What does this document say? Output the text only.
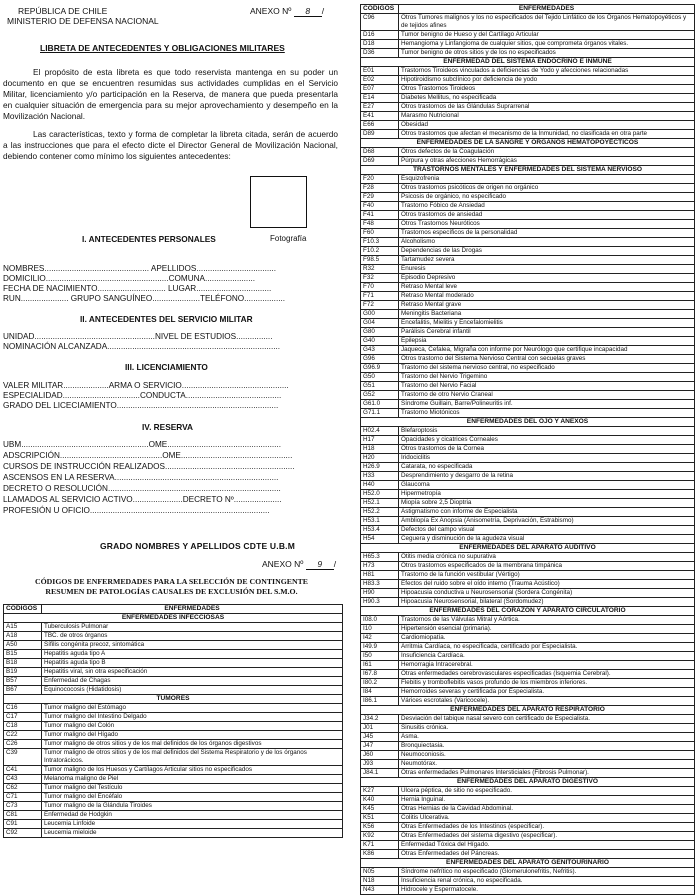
REPÚBLICA DE CHILE
MINISTERIO DE DEFENSA NACIONAL
ANEXO Nº 8 /
LIBRETA DE ANTECEDENTES Y OBLIGACIONES MILITARES
El propósito de esta libreta es que todo reservista mantenga en su poder un documento en que se encuentren resumidas sus actividades cumplidas en el Servicio Militar, licenciamiento y/o participación en la Reserva, de manera que pueda presentarla en cualquier situación de emergencia para su mejor aprovechamiento y desempeño en la Movilización Nacional.
Las características, texto y forma de completar la libreta citada, serán de acuerdo a las instrucciones que para el efecto dicte el Director General de Movilización Nacional, debiendo contener como mínimo los siguientes antecedentes:
Fotografía
I. ANTECEDENTES PERSONALES
NOMBRES.............................................. APELLIDOS...................................
DOMICILIO......................................................COMUNA......................
FECHA DE NACIMIENTO.............................. LUGAR.................................
RUN..................... GRUPO SANGUÍNEO.....................TELÉFONO..................
II. ANTECEDENTES DEL SERVICIO MILITAR
UNIDAD.....................................................NIVEL DE ESTUDIOS................
NOMINACIÓN ALCANZADA............................................................................
III. LICENCIAMIENTO
VALER MILITAR....................ARMA O SERVICIO...............................................
ESPECIALIDAD..................................CONDUCTA..........................................
GRADO DEL LICECIAMIENTO.......................................................................
IV. RESERVA
UBM........................................................OME..................................................
ADSCRIPCIÓN.............................................OME.................................................
CURSOS DE INSTRUCCIÓN REALIZADOS.........................................................
ASCENSOS EN LA RESERVA........................................................................
DECRETO O RESOLUCIÓN............................................................................
LLAMADOS AL SERVICIO ACTIVO......................DECRETO Nº.....................
PROFESIÓN U OFICIO...............................................................................
GRADO NOMBRES Y APELLIDOS CDTE U.B.M
ANEXO Nº 9 /
CÓDIGOS DE ENFERMEDADES PARA LA SELECCIÓN DE CONTINGENTE
RESUMEN DE PATOLOGÍAS CAUSALES DE EXCLUSIÓN DEL S.M.O.
CODIGOS	ENFERMEDADES
ENFERMEDADES INFECCIOSAS	
A15	Tuberculosis Pulmonar
A18	TBC. de otros órganos
A50	Sífilis congénita precoz, sintomática
B15	Hepatitis aguda tipo A
B18	Hepatitis aguda tipo B
B19	Hepatitis viral, sin otra especificación
B57	Enfermedad de Chagas
B67	Equinococosis (Hidatidosis)
TUMORES	
C16	Tumor maligno del Estómago
C17	Tumor maligno del Intestino Delgado
C18	Tumor maligno del Colón
C22	Tumor maligno del Hígado
C26	Tumor maligno de otros sitios y de los mal definidos de los órganos digestivos
C39	Tumor maligno de otros sitios y de los mal definidos del Sistema Respiratorio y de los órganos Intratorácicos.
C41	Tumor maligno de los Huesos y Cartílagos Articular sitios no especificados
C43	Melanoma maligno de Piel
C62	Tumor maligno del Testículo
C71	Tumor maligno del Encéfalo
C73	Tumor maligno de la Glándula Tiroides
C81	Enfermedad de Hodgkin
C91	Leucemia Linfoide
C92	Leucemia mieloide
CODIGOS	ENFERMEDADES
C96	Otros Tumores malignos y los no especificados del Tejido Linfático de los Órganos Hematopoyéticos y de tejidos afines
D16	Tumor benigno de Hueso y del Cartílago Articular
D18	Hemangioma y Linfangioma de cualquier sitios, que comprometa órganos vitales.
D36	Tumor benigno de otros sitios y de los no especificados
ENFERMEDAD DEL SISTEMA ENDOCRINO E INMUNE	
E01	Trastornos Tiroideos vinculados a deficiencias de Yodo y afecciones relacionadas
E02	Hipotiroidismo subclínico por deficiencia de yodo
E07	Otros Trastornos Tiroideos
E14	Diabetes Mellitus, no especificada
E27	Otros trastornos de las Glándulas Suprarrenal
E41	Marasmo Nutricional
E66	Obesidad
D89	Otros trastornos que afectan el mecanismo de la Inmunidad, no clasificada en otra parte
ENFERMEDADES DE LA SANGRE Y ÓRGANOS HEMATOPOYÉCTICOS	
D68	Otros defectos de la Coagulación
D69	Púrpura y otras afecciones Hemorrágicas
TRASTORNOS MENTALES Y ENFERMEDADES DEL SISTEMA NERVIOSO	
F20	Esquizofrenia
F28	Otros trastornos psicóticos de origen no orgánico
F29	Psicosis de orgánico, no especificado
F40	Trastorno Fóbico de Ansiedad
F41	Otros trastornos de ansiedad
F48	Otros Trastornos Neuróticos
F60	Trastornos específicos de la personalidad
F10.3	Alcoholismo
F10.2	Dependencias de las Drogas
F98.5	Tartamudez severa
R32	Enuresis
F32	Episodio Depresivo
F70	Retraso Mental leve
F71	Retraso Mental moderado
F72	Retraso Mental grave
G00	Meningitis Bacteriana
G04	Encefalitis, Mielitis y Encefalomielitis
G80	Parálisis Cerebral infantil
G40	Epilepsia
G43	Jaqueca, Cefalea, Migraña con informe por Neurólogo que certifique incapacidad
G96	Otros trastorno del Sistema Nervioso Central con secuelas graves
G96.9	Trastorno del sistema nervioso central, no especificado
G50	Trastorno del Nervio Trigemino
G51	Trastorno del Nervio Facial
G52	Trastorno de otro Nervio Craneal
G61.0	Síndrome Guillain, Barre/Polineuritis inf.
G71.1	Trastorno Miotónicos
ENFERMEDADES DEL OJO Y ANEXOS	
H02.4	Blefaroptosis
H17	Opacidades y cicatrices Corneales
H18	Otros trastornos de la Cornea
H20	Iridociclitis
H26.9	Catarata, no especificada
H33	Desprendimiento y desgarro de la retina
H40	Glaucoma
H52.0	Hipermetropía
H52.1	Miopía sobre 2,5 Dioptria
H52.2	Astigmatismo con informe de Especialista
H53.1	Ambliopía Ex Anopsia (Anisometría, Deprivación, Estrabismo)
H53.4	Defectos del campo visual
H54	Ceguera y disminución de la agudeza visual
ENFERMEDADES DEL APARATO AUDITIVO	
H65.3	Otitis media crónica no supurativa
H73	Otros trastornos especificados de la membrana timpánica
H81	Trastorno de la función vestibular (Vértigo)
H83.3	Efectos del ruido sobre el oído interno (Trauma Acústico)
H90	Hipoacusia conductiva u Neurosensorial (Sordera Congénita)
H90.3	Hipoacusia Neurosensorial, bilateral (Sordomudez)
ENFERMEDADES DEL CORAZÓN Y APARATO CIRCULATORIO	
I08.0	Trastornos de las Válvulas Mitral y Aórtica.
I10	Hipertensión esencial (primaria).
I42	Cardiomiopatía.
I49.9	Arritmia Cardíaca, no especificada, certificado por Especialista.
I50	Insuficiencia Cardíaca.
I61	Hemorragia Intracerebral.
I67.8	Otras enfermedades cerebrovasculares especificadas (Isquemia Cerebral).
I80.2	Flebitis y tromboflebitis vasos profundo de los miembros inferiores.
I84	Hemorroides severas y certificada por Especialista.
I86.1	Várices escrotales (Varicocele).
ENFERMEDADES DEL APARATO RESPIRATORIO	
J34.2	Desviación del tabique nasal severo con certificado de Especialista.
J01	Sinusitis crónica.
J45	Asma.
J47	Bronquiectasia.
J60	Neumoconiosis.
J93	Neumotórax.
J84.1	Otras enfermedades Pulmonares Intersticiales (Fibrosis Pulmonar).
ENFERMEDADES DEL APARATO DIGESTIVO	
K27	Úlcera péptica, de sitio no especificado.
K40	Hernia Inguinal.
K45	Otras Hernias de la Cavidad Abdominal.
K51	Colitis Ulcerativa.
K56	Otras Enfermedades de los Intestinos (especificar).
K92	Otras Enfermedades del sistema digestivo (especificar).
K71	Enfermedad Tóxica del Hígado.
K86	Otras Enfermedades del Páncreas.
ENFERMEDADES DEL APARATO GENITOURINARIO	
N05	Síndrome nefrítico no especificado (Glomerulonefritis, Nefritis).
N18	Insuficiencia renal crónica, no especificada.
N43	Hidrocele y Espermatocele.
